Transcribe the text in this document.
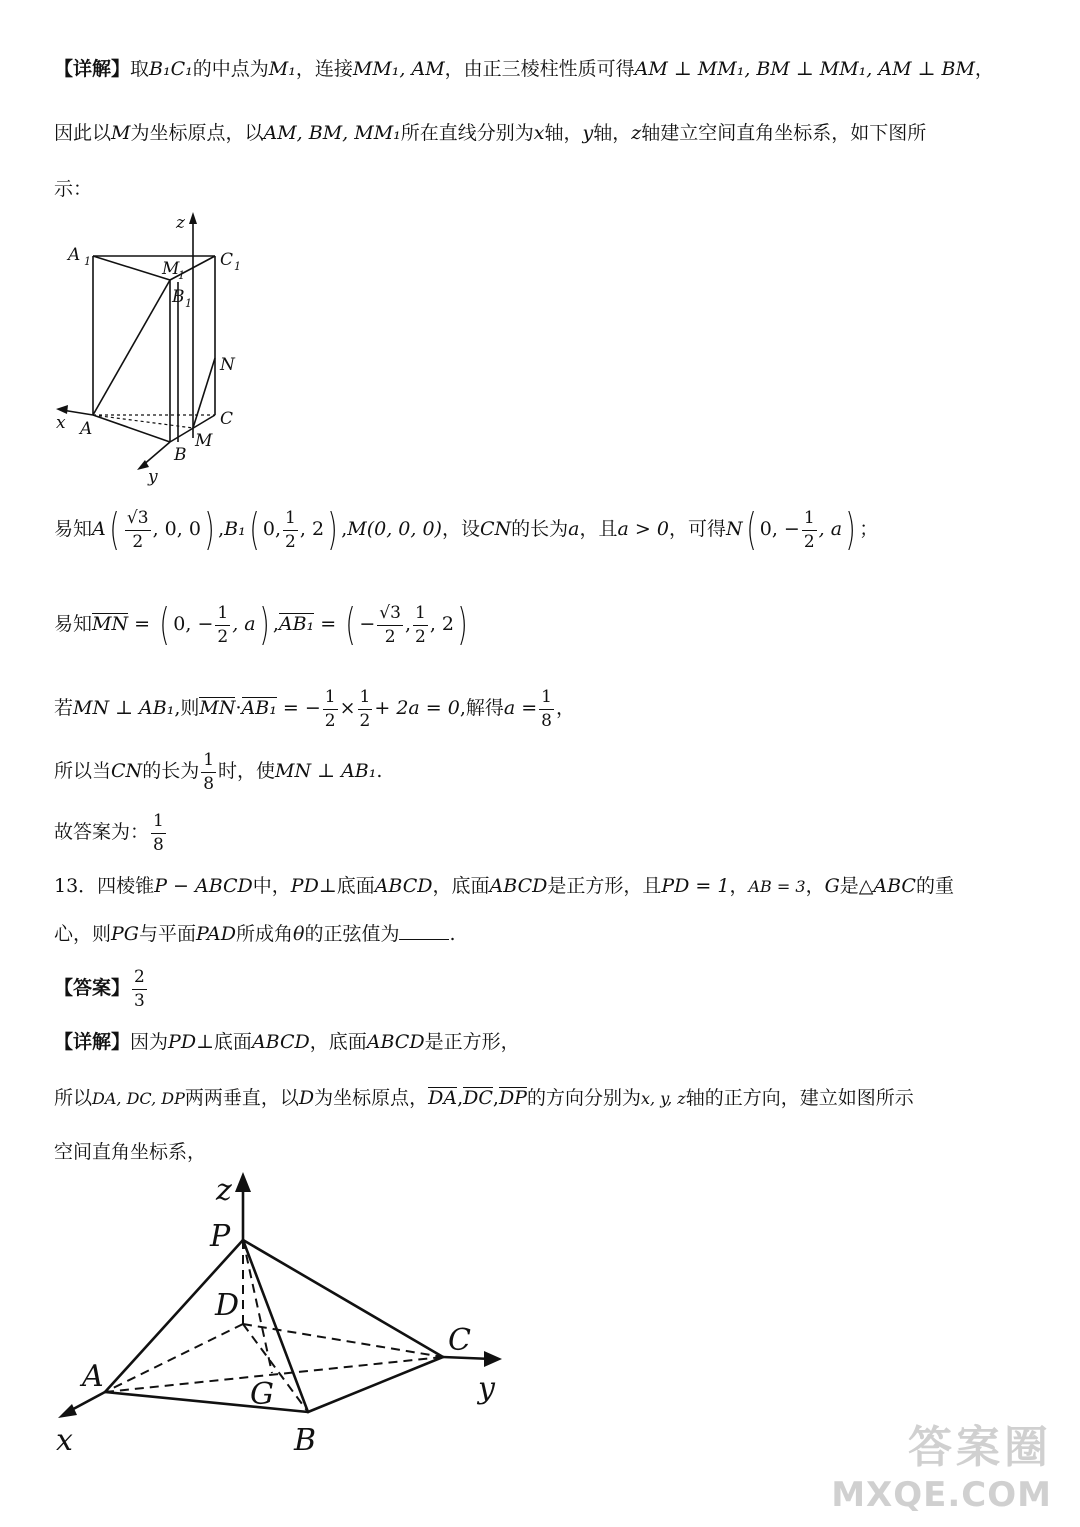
【详解】取B₁C₁的中点为M₁，连接MM₁, AM，由正三棱柱性质可得AM ⊥ MM₁, BM ⊥ MM₁, AM ⊥ BM，
因此以M为坐标原点，以AM, BM, MM₁所在直线分别为x轴，y轴，z轴建立空间直角坐标系，如下图所
示：
z
A 1	M
1
C 1
B 1
N
x A	C
M
B
y
易知$A( \frac{√3}{2}$ , 0, 0) ,B₁( 0, $\frac{1}{2}$ , 2) ,M(0, 0, 0)，设CN的长为a，且a > 0，可得N( 0, − $\frac{1}{2}$ , a) ；
易知MN = ( 0, − $\frac{1}{2}$ , a) ,AB₁ = ( − $\frac{√3}{2}$ , $\frac{1}{2}$ , 2)
若MN ⊥ AB₁,则MN·AB₁ = − $\frac{1}{2} \times \frac{1}{2} + 2a = 0$,解得$a = \frac{1}{8}$ ，
所以当CN的长为 $\frac{1}{8}$ 时，使MN ⊥ AB₁.
故答案为： $\frac{1}{8}$
13．四棱锥P − ABCD中，PD⊥底面ABCD，底面ABCD是正方形，且PD = 1，AB = 3，G是△ABC的重
心，则PG与平面PAD所成角θ的正弦值为	.
【答案】 $\frac{2}{3}$
【详解】因为PD⊥底面ABCD，底面ABCD是正方形，
所以DA, DC, DP两两垂直，以D为坐标原点，DA,DC,DP的方向分别为x, y, z轴的正方向，建立如图所示
空间直角坐标系，
z
P
D
C
A
G	y
x	B	答案圈
MXQE.COM
